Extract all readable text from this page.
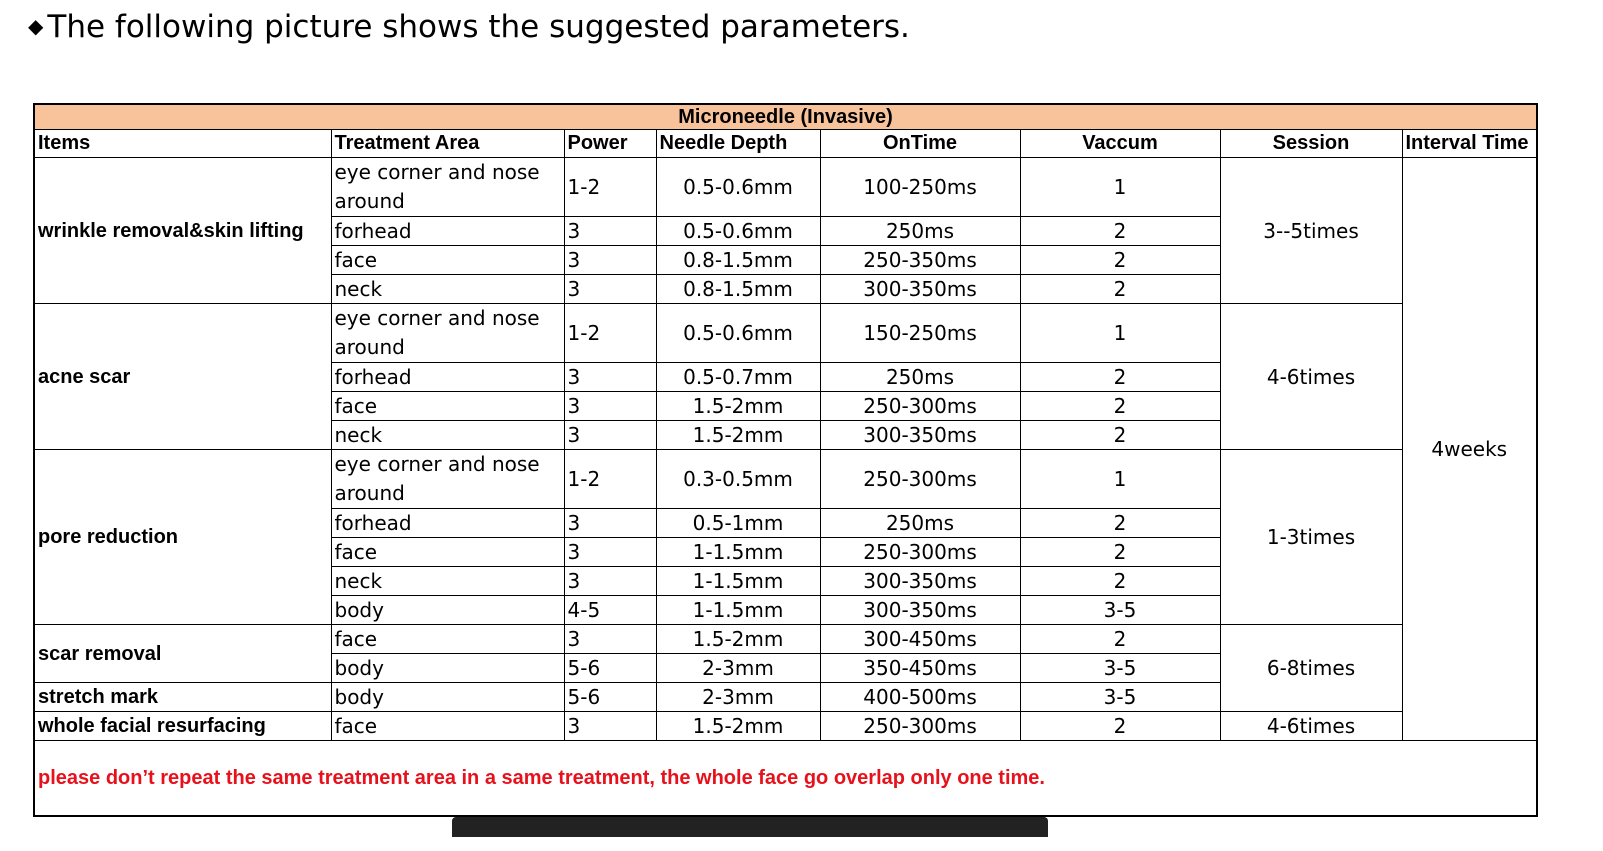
◆ The following picture shows the suggested parameters.
Microneedle (Invasive)							
Items	Treatment Area	Power	Needle Depth	OnTime	Vaccum	Session	Interval Time
wrinkle removal&skin lifting	eye corner and nose around	1-2	0.5-0.6mm	100-250ms	1	3--5times	4weeks
	forhead	3	0.5-0.6mm	250ms	2		
	face	3	0.8-1.5mm	250-350ms	2		
	neck	3	0.8-1.5mm	300-350ms	2		
acne scar	eye corner and nose around	1-2	0.5-0.6mm	150-250ms	1	4-6times	
	forhead	3	0.5-0.7mm	250ms	2		
	face	3	1.5-2mm	250-300ms	2		
	neck	3	1.5-2mm	300-350ms	2		
pore reduction	eye corner and nose around	1-2	0.3-0.5mm	250-300ms	1	1-3times	
	forhead	3	0.5-1mm	250ms	2		
	face	3	1-1.5mm	250-300ms	2		
	neck	3	1-1.5mm	300-350ms	2		
	body	4-5	1-1.5mm	300-350ms	3-5		
scar removal	face	3	1.5-2mm	300-450ms	2	6-8times	
	body	5-6	2-3mm	350-450ms	3-5		
stretch mark	body	5-6	2-3mm	400-500ms	3-5		
whole facial resurfacing	face	3	1.5-2mm	250-300ms	2	4-6times	
please don’t repeat the same treatment area in a same treatment, the whole face go overlap only one time.							
